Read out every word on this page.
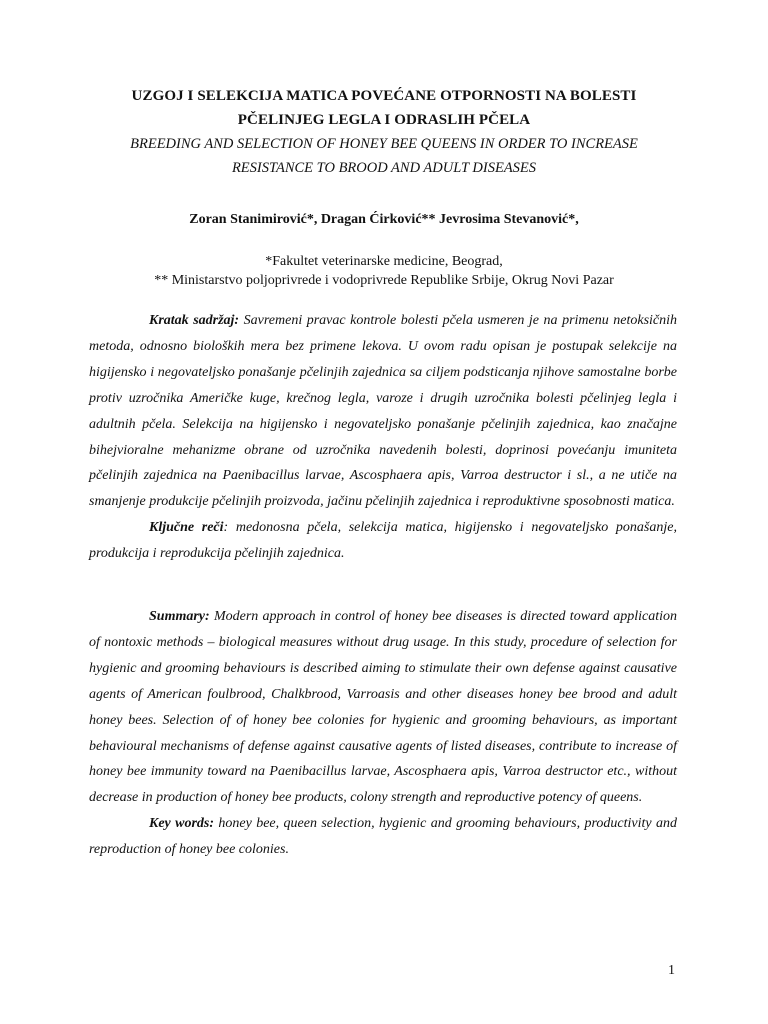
UZGOJ I SELEKCIJA MATICA POVEĆANE OTPORNOSTI NA BOLESTI
PČELINJEG LEGLA I ODRASLIH PČELA
BREEDING AND SELECTION OF HONEY BEE QUEENS IN ORDER TO INCREASE
RESISTANCE TO BROOD AND ADULT DISEASES
Zoran Stanimirović*, Dragan Ćirković** Jevrosima Stevanović*,
*Fakultet veterinarske medicine, Beograd,
** Ministarstvo poljoprivrede i vodoprivrede Republike Srbije, Okrug Novi Pazar

Kratak sadržaj: Savremeni pravac kontrole bolesti pčela usmeren je na primenu netoksičnih metoda, odnosno bioloških mera bez primene lekova. U ovom radu opisan je postupak selekcije na higijensko i negovateljsko ponašanje pčelinjih zajednica sa ciljem podsticanja njihove samostalne borbe protiv uzročnika Američke kuge, krečnog legla, varoze i drugih uzročnika bolesti pčelinjeg legla i adultnih pčela. Selekcija na higijensko i negovateljsko ponašanje pčelinjih zajednica, kao značajne bihejvioralne mehanizme obrane od uzročnika navedenih bolesti, doprinosi povećanju imuniteta pčelinjih zajednica na Paenibacillus larvae, Ascosphaera apis, Varroa destructor i sl., a ne utiče na smanjenje produkcije pčelinjih proizvoda, jačinu pčelinjih zajednica i reproduktivne sposobnosti matica.

Ključne reči: medonosna pčela, selekcija matica, higijensko i negovateljsko ponašanje, produkcija i reprodukcija pčelinjih zajednica.

Summary: Modern approach in control of honey bee diseases is directed toward application of nontoxic methods – biological measures without drug usage. In this study, procedure of selection for hygienic and grooming behaviours is described aiming to stimulate their own defense against causative agents of American foulbrood, Chalkbrood, Varroasis and other diseases honey bee brood and adult honey bees. Selection of of honey bee colonies for hygienic and grooming behaviours, as important behavioural mechanisms of defense against causative agents of listed diseases, contribute to increase of honey bee immunity toward na Paenibacillus larvae, Ascosphaera apis, Varroa destructor etc., without decrease in production of honey bee products, colony strength and reproductive potency of queens.

Key words: honey bee, queen selection, hygienic and grooming behaviours, productivity and reproduction of honey bee colonies.

1
